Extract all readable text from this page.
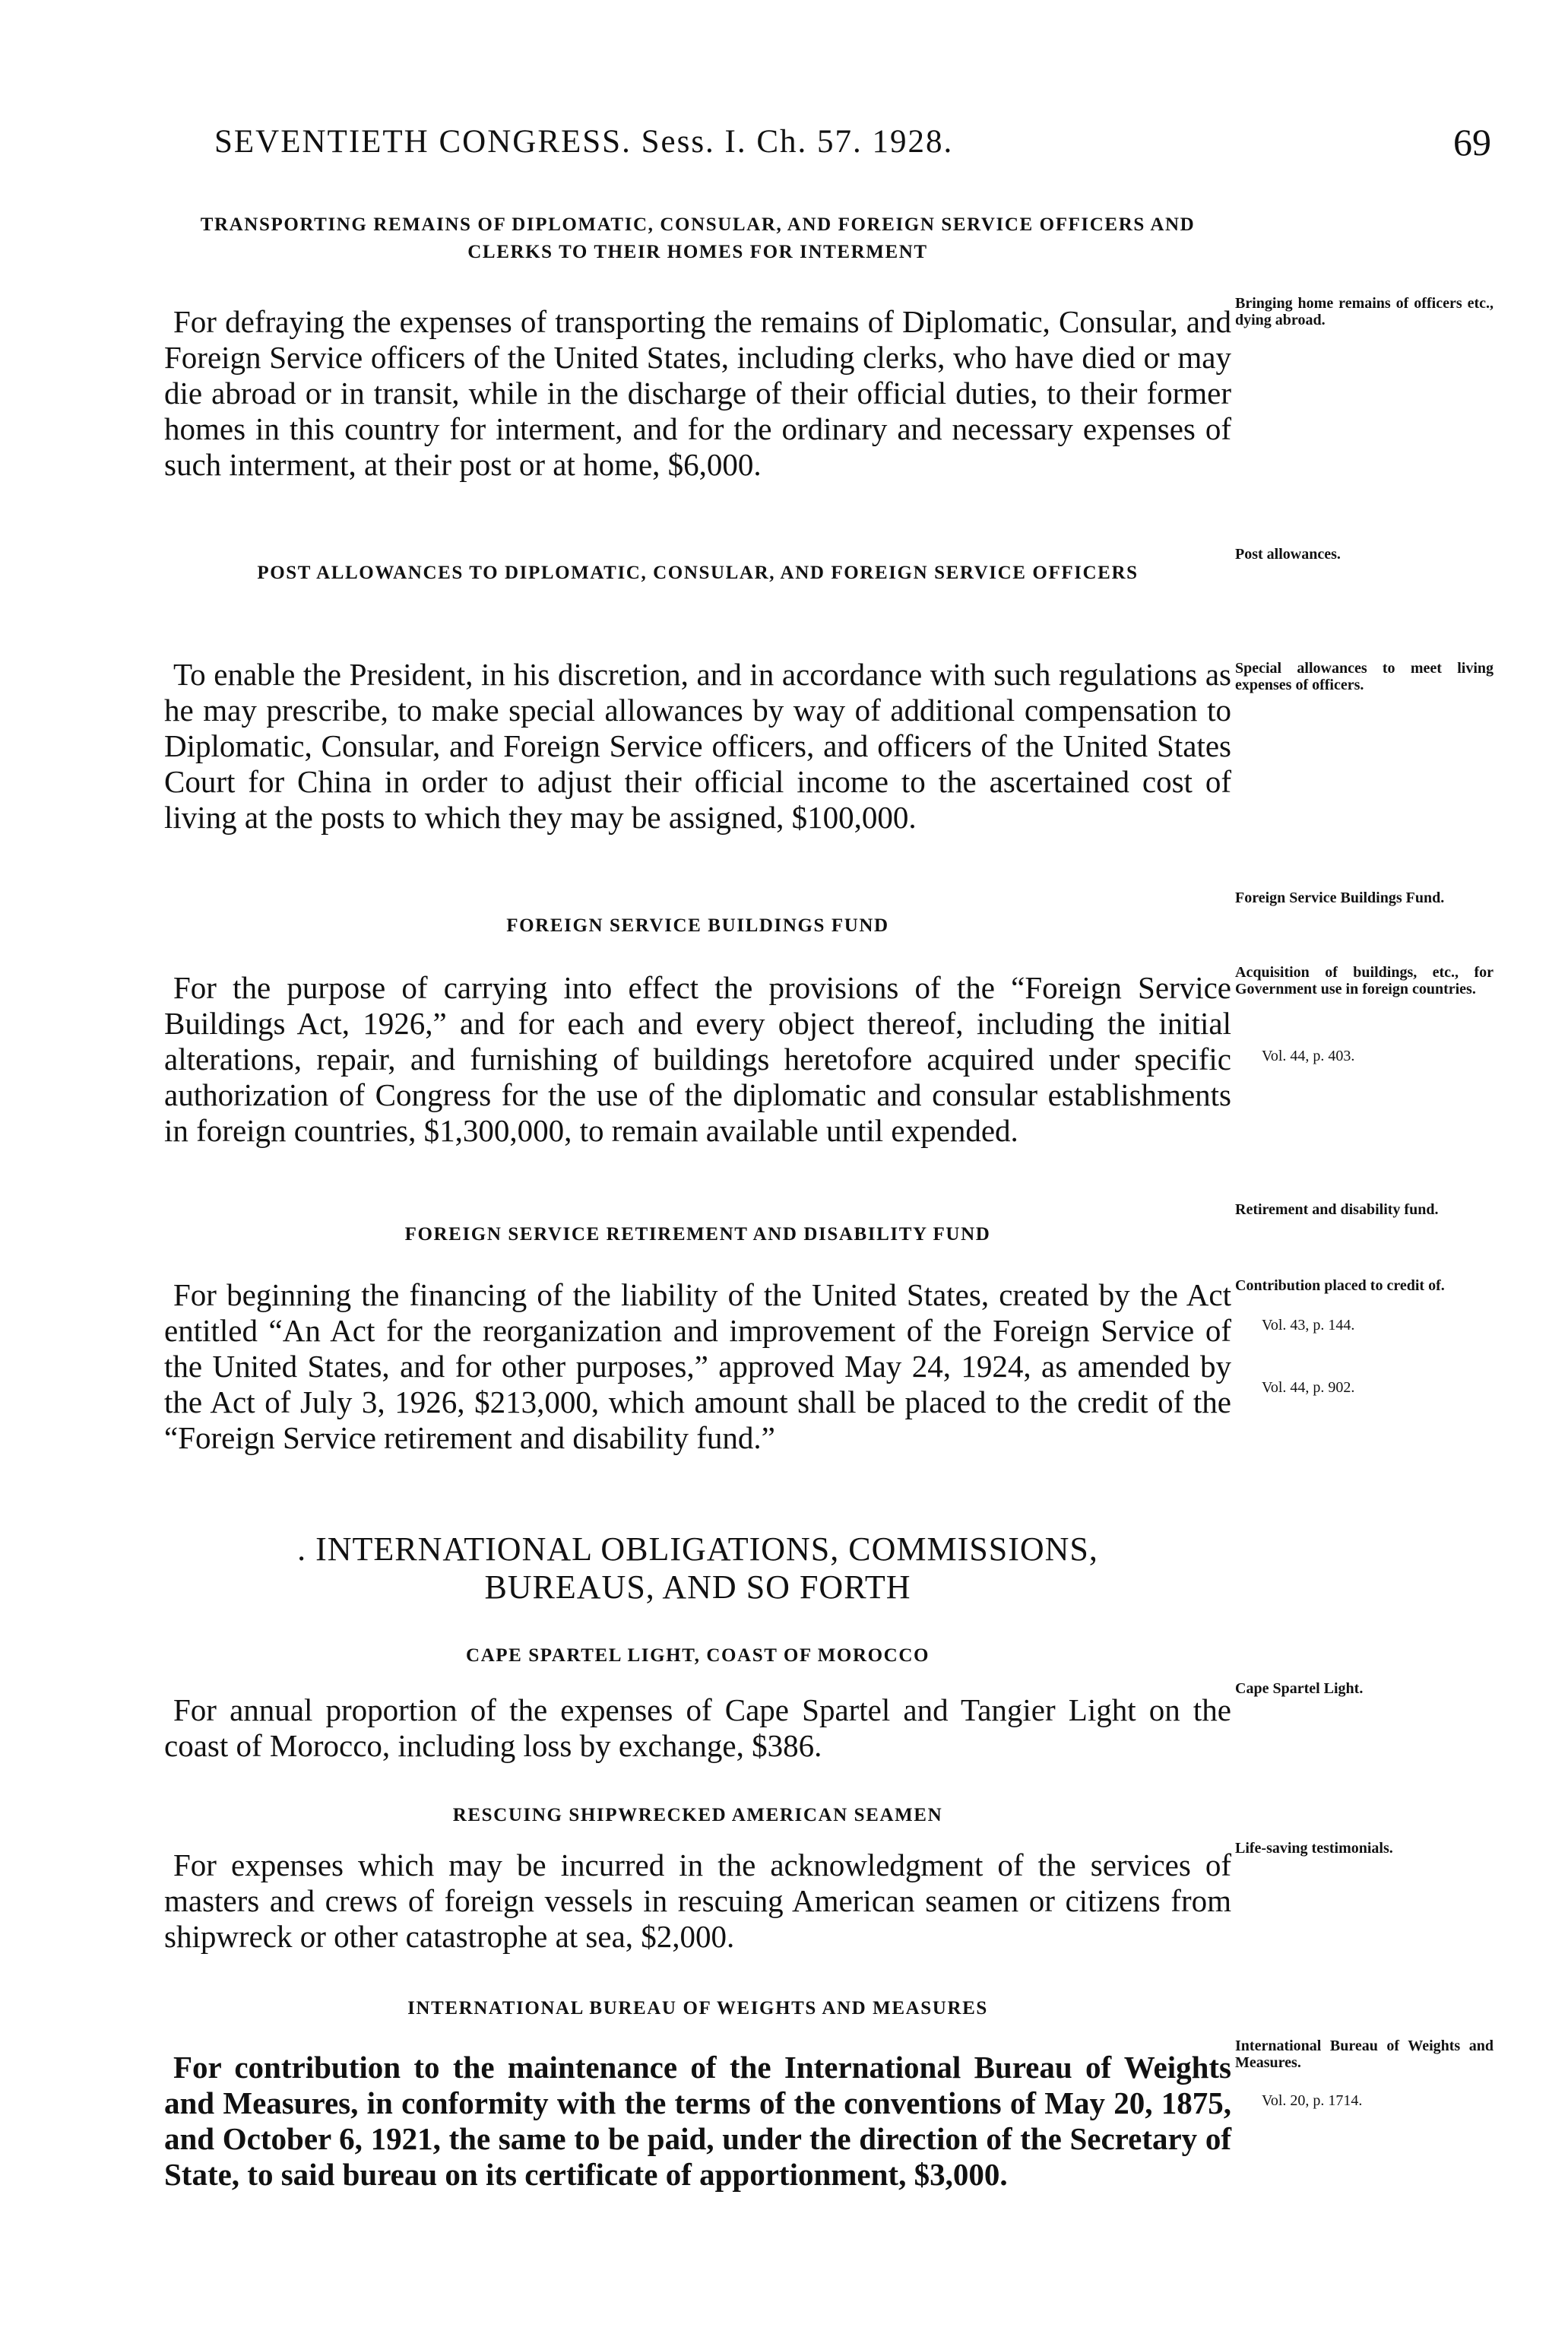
SEVENTIETH CONGRESS. Sess. I. Ch. 57. 1928.	69
TRANSPORTING REMAINS OF DIPLOMATIC, CONSULAR, AND FOREIGN SERVICE OFFICERS AND CLERKS TO THEIR HOMES FOR INTERMENT

For defraying the expenses of transporting the remains of Diplomatic, Consular, and Foreign Service officers of the United States, including clerks, who have died or may die abroad or in transit, while in the discharge of their official duties, to their former homes in this country for interment, and for the ordinary and necessary expenses of such interment, at their post or at home, $6,000.

POST ALLOWANCES TO DIPLOMATIC, CONSULAR, AND FOREIGN SERVICE OFFICERS

To enable the President, in his discretion, and in accordance with such regulations as he may prescribe, to make special allowances by way of additional compensation to Diplomatic, Consular, and Foreign Service officers, and officers of the United States Court for China in order to adjust their official income to the ascertained cost of living at the posts to which they may be assigned, $100,000.

FOREIGN SERVICE BUILDINGS FUND

For the purpose of carrying into effect the provisions of the “Foreign Service Buildings Act, 1926,” and for each and every object thereof, including the initial alterations, repair, and furnishing of buildings heretofore acquired under specific authorization of Congress for the use of the diplomatic and consular establishments in foreign countries, $1,300,000, to remain available until expended.

FOREIGN SERVICE RETIREMENT AND DISABILITY FUND

For beginning the financing of the liability of the United States, created by the Act entitled “An Act for the reorganization and improvement of the Foreign Service of the United States, and for other purposes,” approved May 24, 1924, as amended by the Act of July 3, 1926, $213,000, which amount shall be placed to the credit of the “Foreign Service retirement and disability fund.”

. INTERNATIONAL OBLIGATIONS, COMMISSIONS,
BUREAUS, AND SO FORTH
CAPE SPARTEL LIGHT, COAST OF MOROCCO

For annual proportion of the expenses of Cape Spartel and Tangier Light on the coast of Morocco, including loss by exchange, $386.

RESCUING SHIPWRECKED AMERICAN SEAMEN

For expenses which may be incurred in the acknowledgment of the services of masters and crews of foreign vessels in rescuing American seamen or citizens from shipwreck or other catastrophe at sea, $2,000.

INTERNATIONAL BUREAU OF WEIGHTS AND MEASURES

For contribution to the maintenance of the International Bureau of Weights and Measures, in conformity with the terms of the conventions of May 20, 1875, and October 6, 1921, the same to be paid, under the direction of the Secretary of State, to said bureau on its certificate of apportionment, $3,000.

Bringing home remains of officers etc., dying abroad.

Post allowances.

Special allowances to meet living expenses of officers.

Foreign Service Buildings Fund.

Acquisition of buildings, etc., for Government use in foreign countries.

Vol. 44, p. 403.

Retirement and disability fund.

Contribution placed to credit of.

Vol. 43, p. 144.

Vol. 44, p. 902.

Cape Spartel Light.

Life-saving testimonials.

International Bureau of Weights and Measures.

Vol. 20, p. 1714.
